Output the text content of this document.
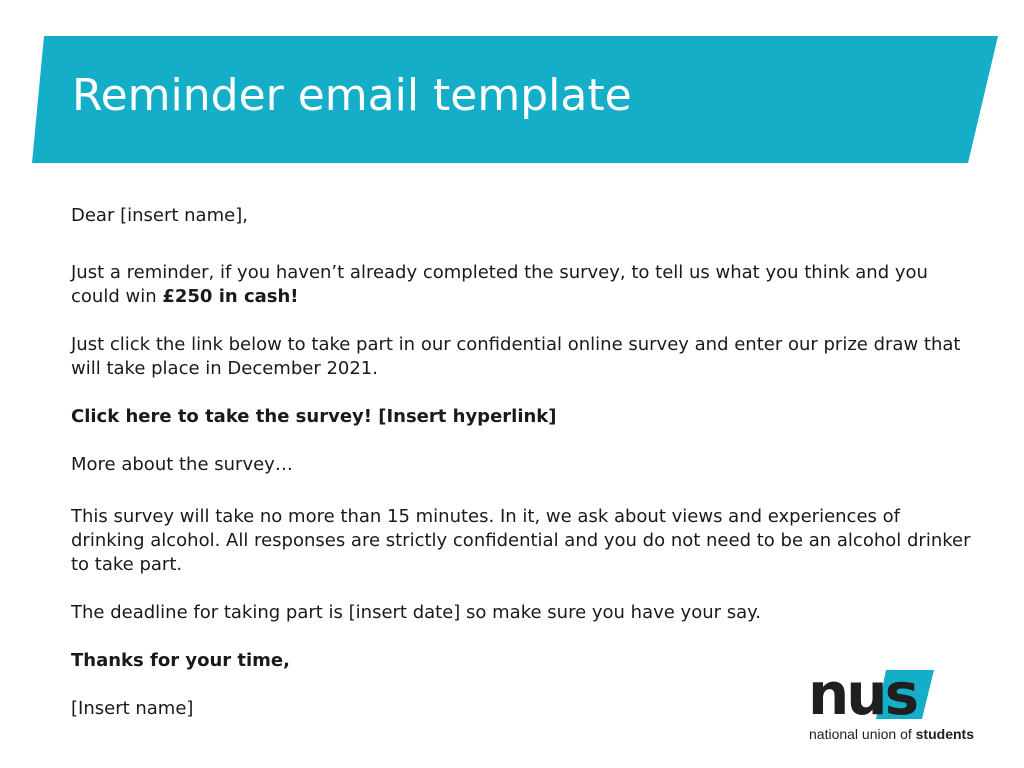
Reminder email template

Dear [insert name],

Just a reminder, if you haven’t already completed the survey, to tell us what you think and you could win £250 in cash!

Just click the link below to take part in our confidential online survey and enter our prize draw that will take place in December 2021.

Click here to take the survey! [Insert hyperlink]

More about the survey…

This survey will take no more than 15 minutes. In it, we ask about views and experiences of drinking alcohol. All responses are strictly confidential and you do not need to be an alcohol drinker to take part.

The deadline for taking part is [insert date] so make sure you have your say.

Thanks for your time,

[Insert name]	nus
national union of students
